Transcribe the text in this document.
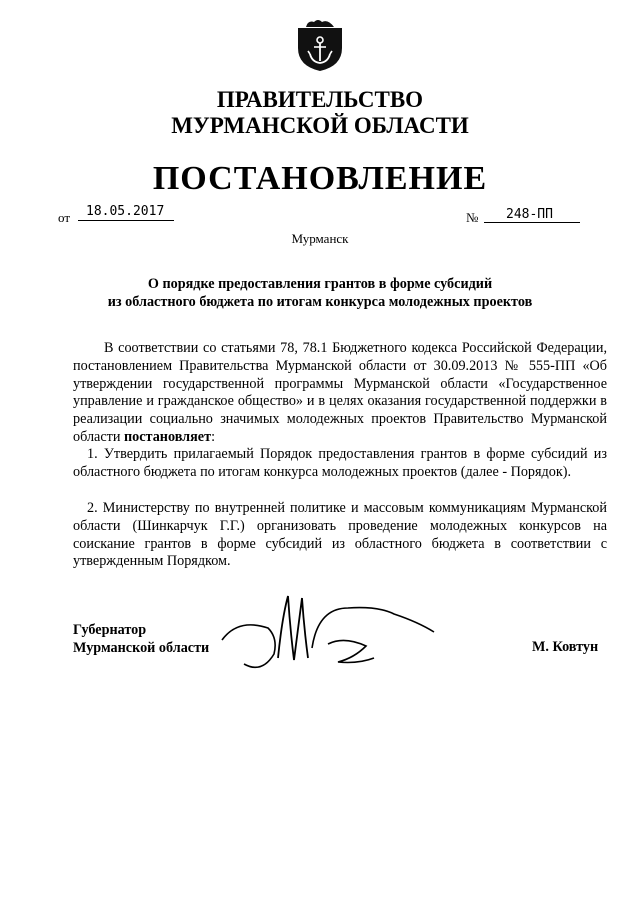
ПРАВИТЕЛЬСТВО
МУРМАНСКОЙ ОБЛАСТИ
ПОСТАНОВЛЕНИЕ
от	18.05.2017	№	248-ПП
Мурманск
О порядке предоставления грантов в форме субсидий
из областного бюджета по итогам конкурса молодежных проектов
В соответствии со статьями 78, 78.1 Бюджетного кодекса Российской Федерации, постановлением Правительства Мурманской области от 30.09.2013 № 555-ПП «Об утверждении государственной программы Мурманской области «Государственное управление и гражданское общество» и в целях оказания государственной поддержки в реализации социально значимых молодежных проектов Правительство Мурманской области постановляет:
1. Утвердить прилагаемый Порядок предоставления грантов в форме субсидий из областного бюджета по итогам конкурса молодежных проектов (далее - Порядок).
2. Министерству по внутренней политике и массовым коммуникациям Мурманской области (Шинкарчук Г.Г.) организовать проведение молодежных конкурсов на соискание грантов в форме субсидий из областного бюджета в соответствии с утвержденным Порядком.
Губернатор
Мурманской области	М. Ковтун
